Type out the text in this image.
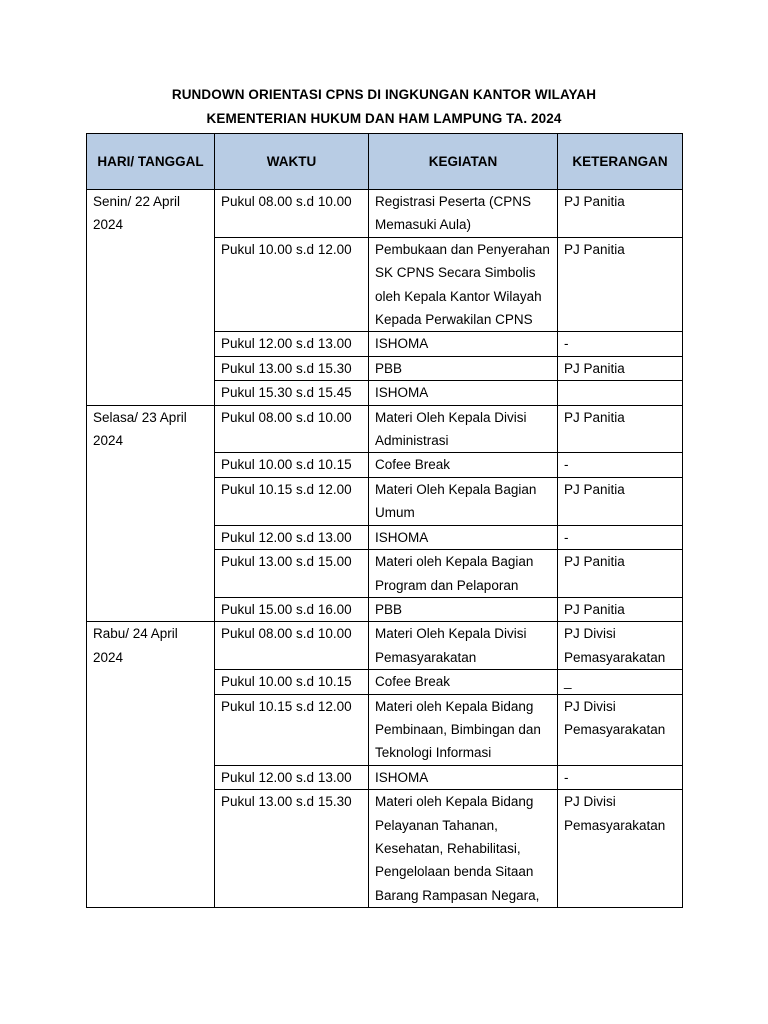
RUNDOWN ORIENTASI CPNS DI INGKUNGAN KANTOR WILAYAH
KEMENTERIAN HUKUM DAN HAM LAMPUNG TA. 2024
HARI/ TANGGAL	WAKTU	KEGIATAN	KETERANGAN
Senin/ 22 April 2024	Pukul 08.00 s.d 10.00	Registrasi Peserta (CPNS Memasuki Aula)	PJ Panitia
	Pukul 10.00 s.d 12.00	Pembukaan dan Penyerahan SK CPNS Secara Simbolis oleh Kepala Kantor Wilayah Kepada Perwakilan CPNS	PJ Panitia
	Pukul 12.00 s.d 13.00	ISHOMA	-
	Pukul 13.00 s.d 15.30	PBB	PJ Panitia
	Pukul 15.30 s.d 15.45	ISHOMA	
Selasa/ 23 April 2024	Pukul 08.00 s.d 10.00	Materi Oleh Kepala Divisi Administrasi	PJ Panitia
	Pukul 10.00 s.d 10.15	Cofee Break	-
	Pukul 10.15 s.d 12.00	Materi Oleh Kepala Bagian Umum	PJ Panitia
	Pukul 12.00 s.d 13.00	ISHOMA	-
	Pukul 13.00 s.d 15.00	Materi oleh Kepala Bagian Program dan Pelaporan	PJ Panitia
	Pukul 15.00 s.d 16.00	PBB	PJ Panitia
Rabu/ 24 April 2024	Pukul 08.00 s.d 10.00	Materi Oleh Kepala Divisi Pemasyarakatan	PJ Divisi Pemasyarakatan
	Pukul 10.00 s.d 10.15	Cofee Break	_
	Pukul 10.15 s.d 12.00	Materi oleh Kepala Bidang Pembinaan, Bimbingan dan Teknologi Informasi	PJ Divisi Pemasyarakatan
	Pukul 12.00 s.d 13.00	ISHOMA	-
	Pukul 13.00 s.d 15.30	Materi oleh Kepala Bidang Pelayanan Tahanan, Kesehatan, Rehabilitasi, Pengelolaan benda Sitaan Barang Rampasan Negara,	PJ Divisi Pemasyarakatan
